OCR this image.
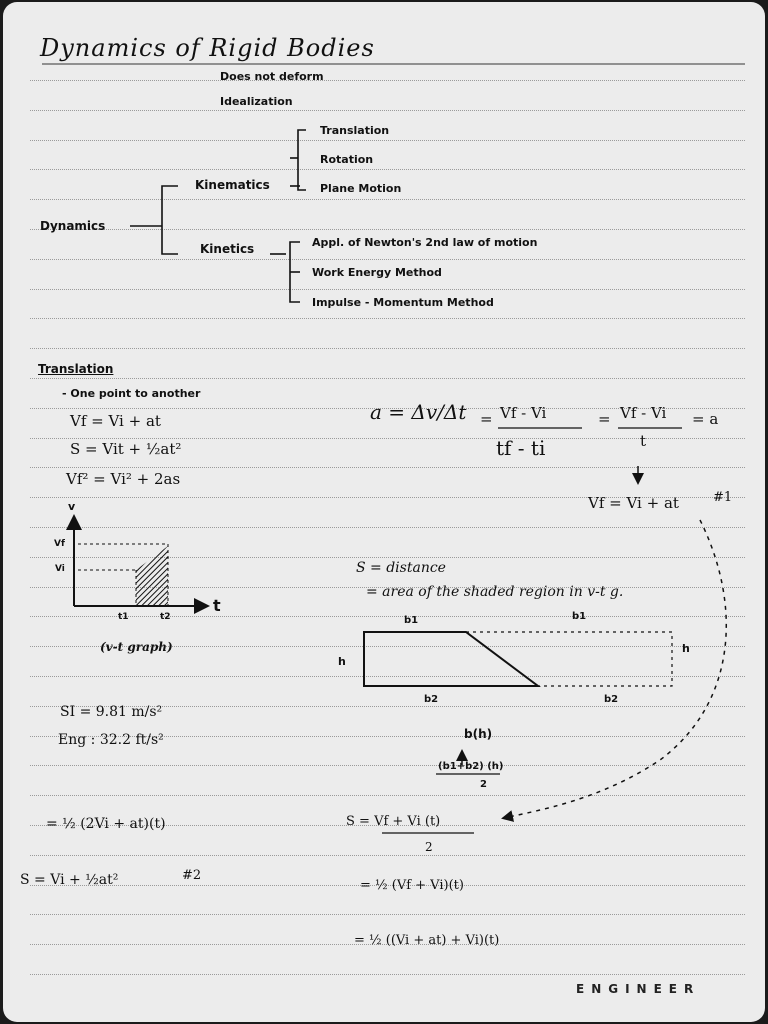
Dynamics of Rigid Bodies
Does not deform
Idealization
Dynamics
Kinematics
Translation
Rotation
Plane Motion
Kinetics	Appl. of Newton's 2nd law of motion
Work Energy Method
Impulse - Momentum Method
Translation
- One point to another
Vf = Vi + at
S = Vit + ½at²
Vf² = Vi² + 2as
a = Δv/Δt = Vf - Vi
tf - ti
= Vf - Vi
t
= a
Vf = Vi + at	#1
v
t
Vf
Vi
t1	t2
(v-t graph)
S = distance
= area of the shaded region in v-t g.
b1
b2
h
b1
b2
h
b(h)
(b1+b2) (h)
2
SI = 9.81 m/s²
Eng : 32.2 ft/s²
= ½ (2Vi + at)(t)
S = Vi + ½at²	#2
S = Vf + Vi (t)
2
= ½ (Vf + Vi)(t)
= ½ ((Vi + at) + Vi)(t)
ENGINEER
